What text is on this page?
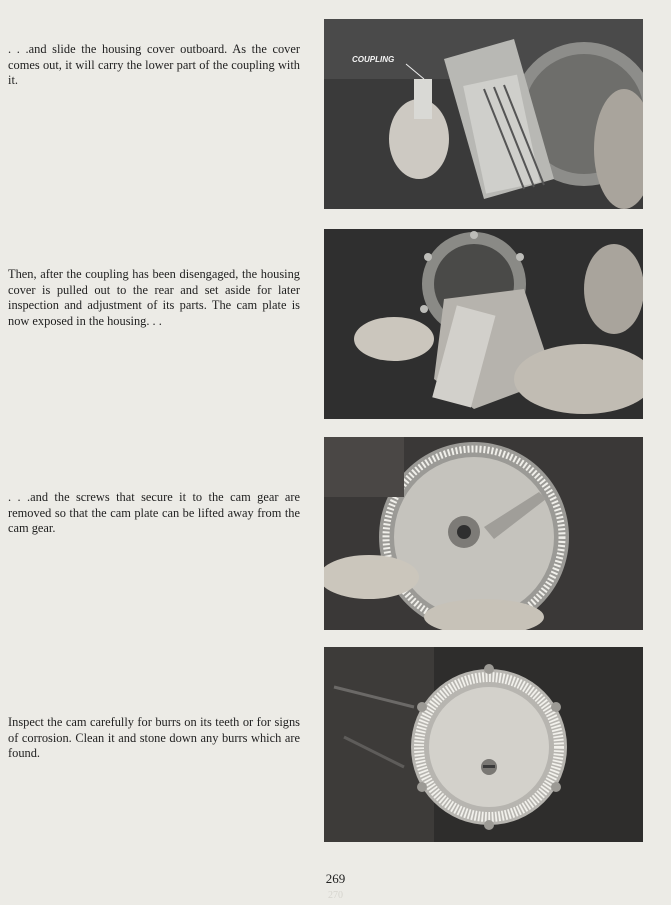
. . .and slide the housing cover outboard. As the cover comes out, it will carry the lower part of the coupling with it.
Then, after the coupling has been disengaged, the housing cover is pulled out to the rear and set aside for later inspection and adjustment of its parts. The cam plate is now exposed in the housing. . .
. . .and the screws that secure it to the cam gear are removed so that the cam plate can be lifted away from the cam gear.
Inspect the cam carefully for burrs on its teeth or for signs of corrosion. Clean it and stone down any burrs which are found.
COUPLING
269
270
